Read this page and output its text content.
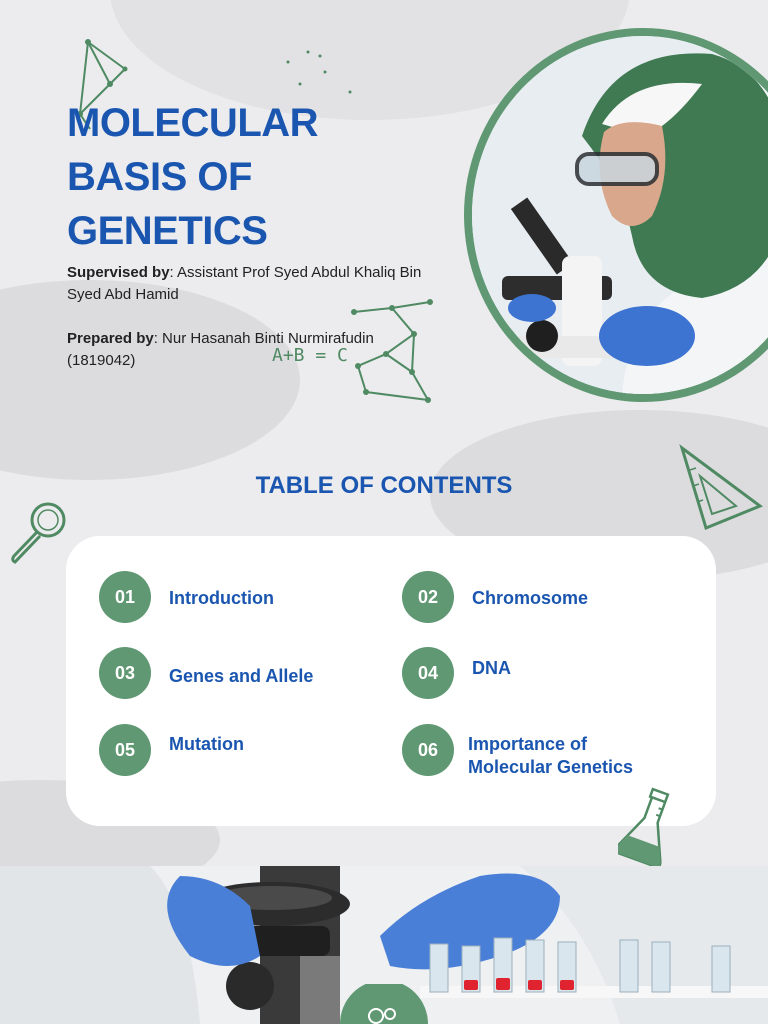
MOLECULAR BASIS OF GENETICS
Supervised by: Assistant Prof Syed Abdul Khaliq Bin Syed Abd Hamid
Prepared by: Nur Hasanah Binti Nurmirafudin (1819042)	A+B = C
TABLE OF CONTENTS
01	Introduction	02	Chromosome
03	Genes and Allele	04	DNA
05	Mutation	06	Importance of Molecular Genetics
